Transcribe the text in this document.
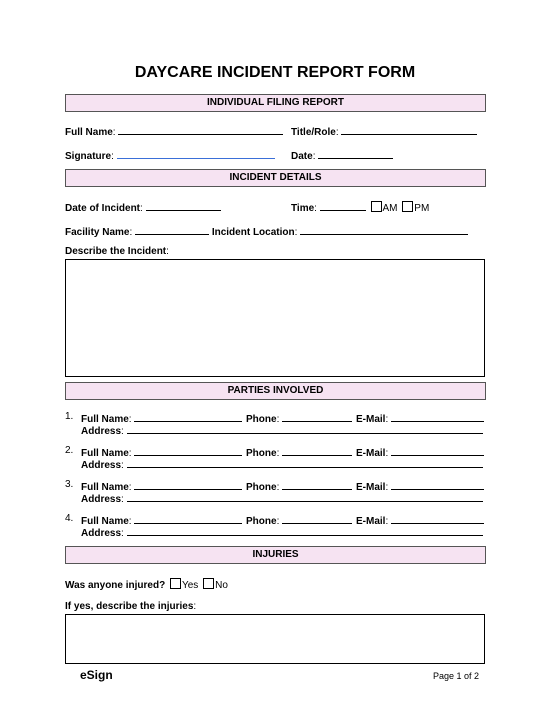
DAYCARE INCIDENT REPORT FORM
INDIVIDUAL FILING REPORT
Full Name:	Title/Role:
Signature:	Date:
INCIDENT DETAILS
Date of Incident:	Time:	AM PM
Facility Name:	Incident Location:
Describe the Incident:
PARTIES INVOLVED
1. Full Name:	Phone:	E-Mail:
Address:
2. Full Name:	Phone:	E-Mail:
Address:
3. Full Name:	Phone:	E-Mail:
Address:
4. Full Name:	Phone:	E-Mail:
Address:
INJURIES
Was anyone injured? Yes No
If yes, describe the injuries:
eSign	Page 1 of 2
